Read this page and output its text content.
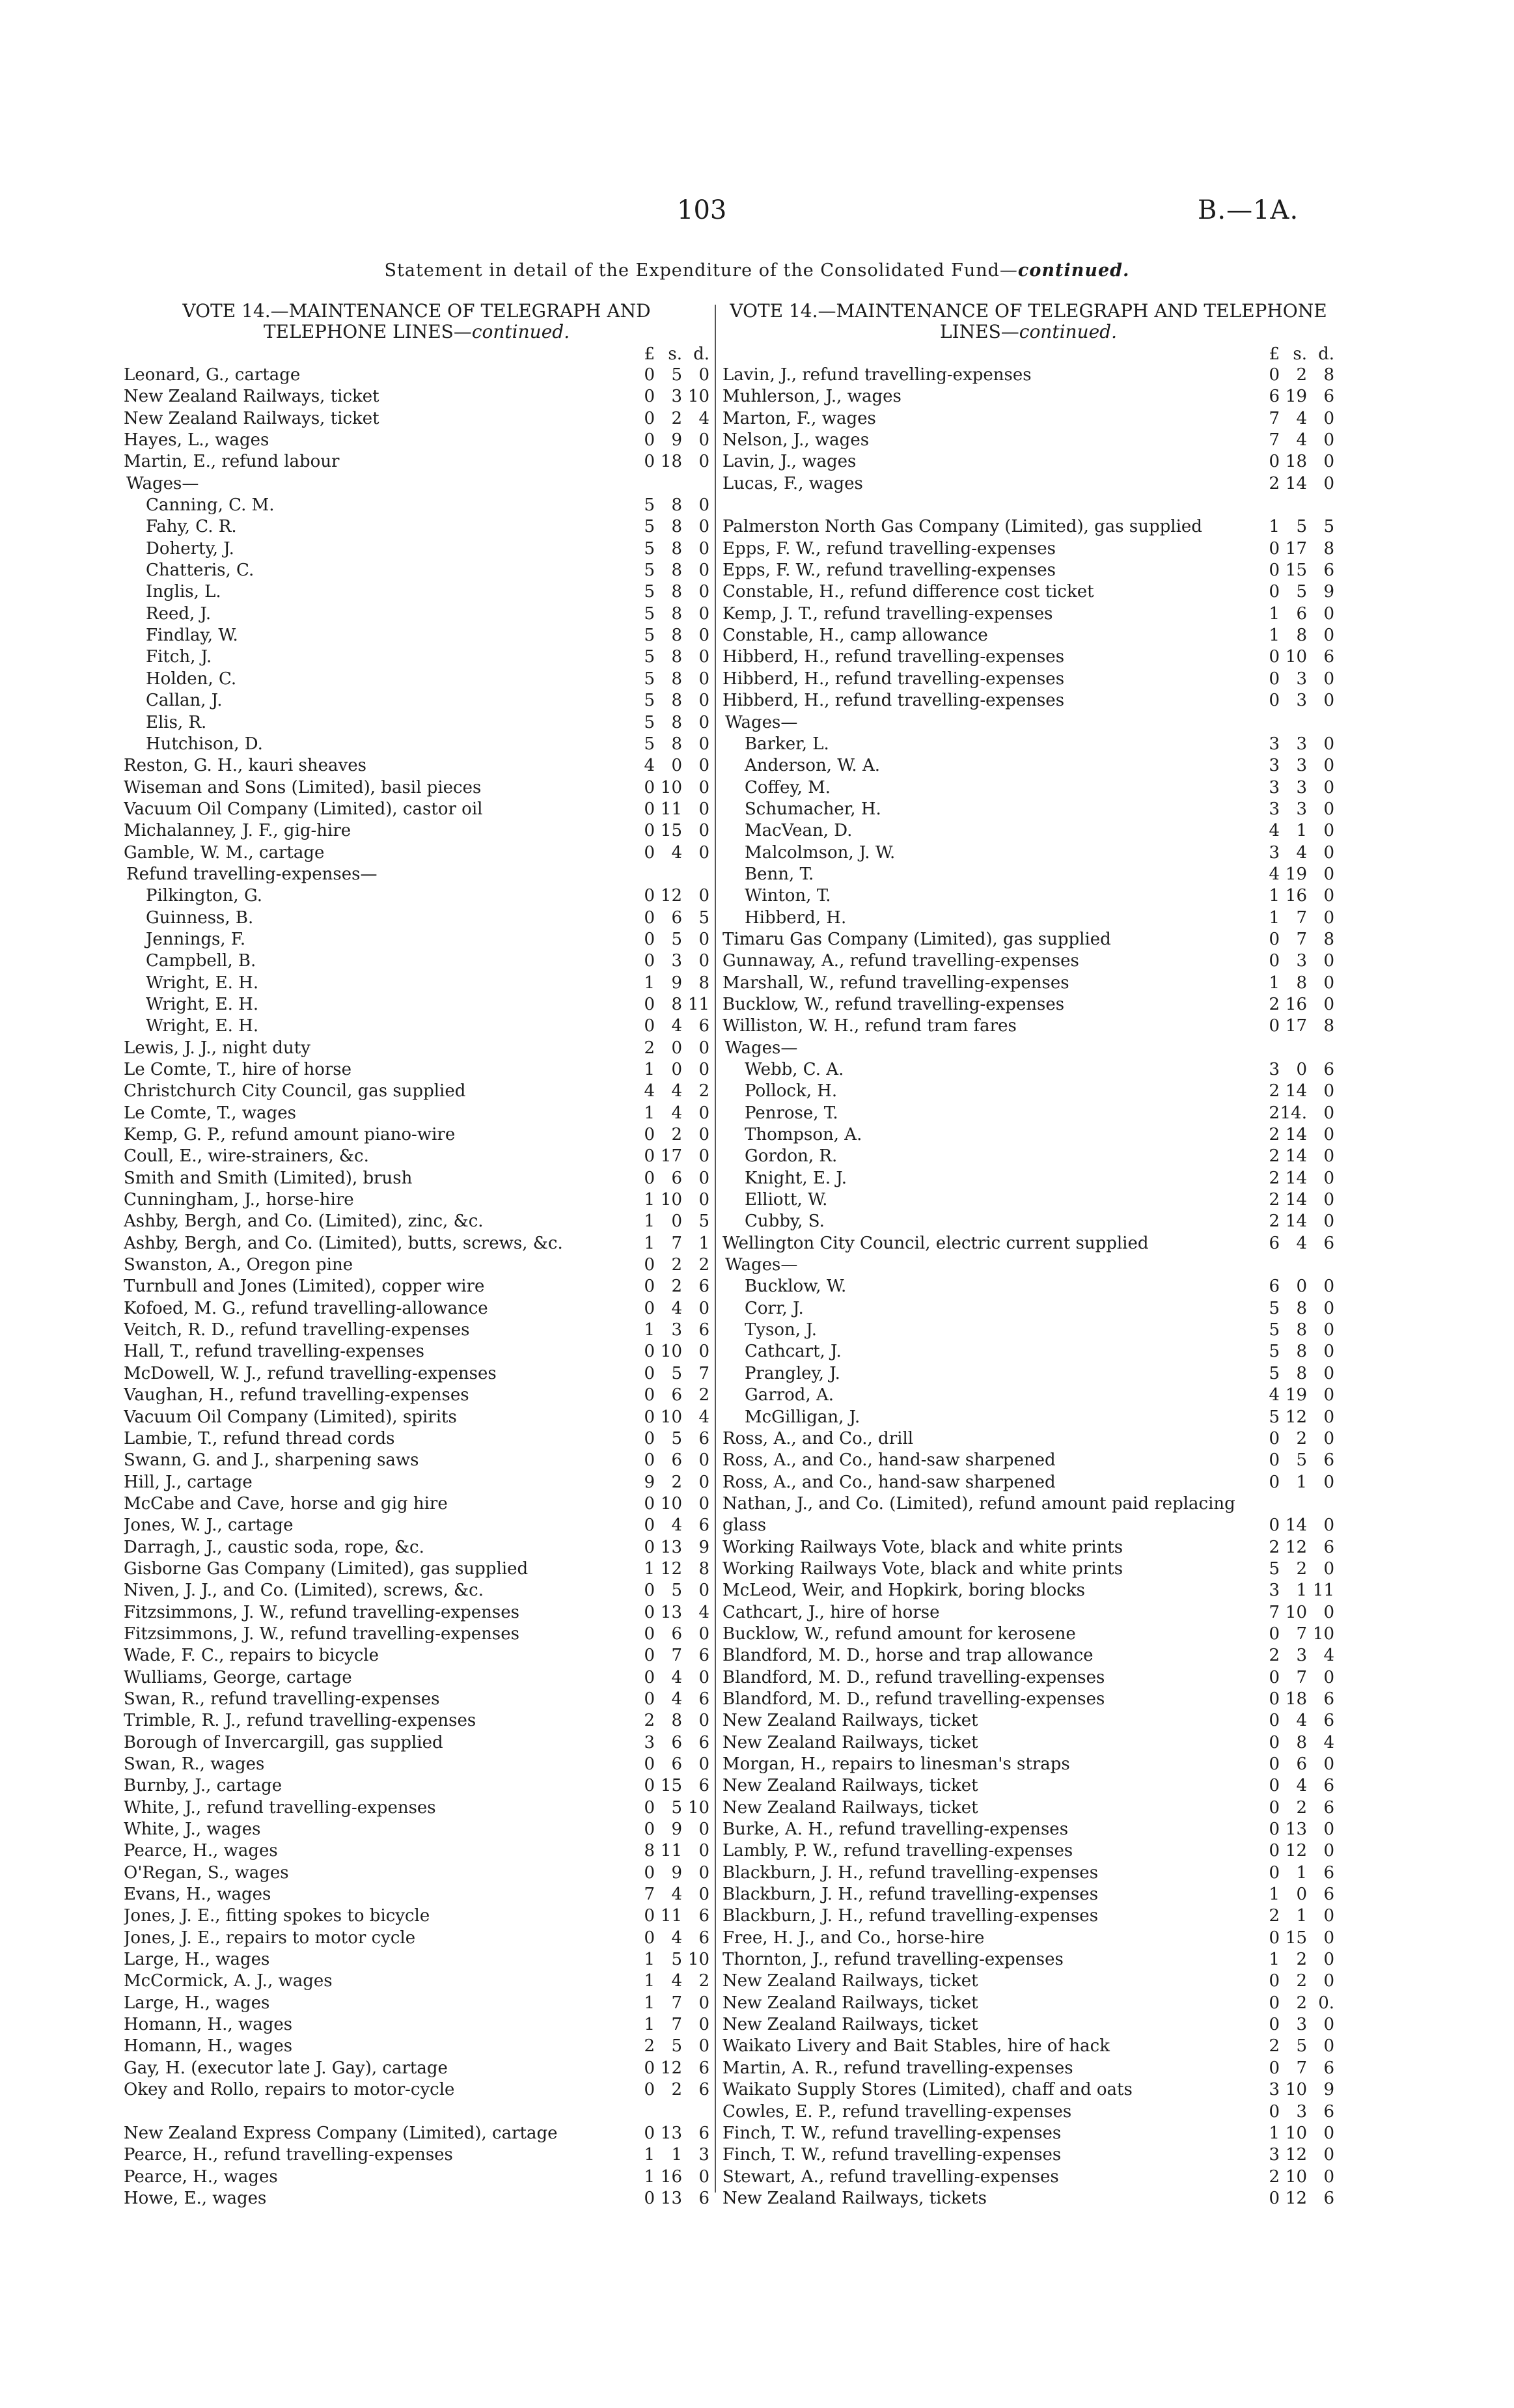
103	B.—1A.
Statement in detail of the Expenditure of the Consolidated Fund—continued.
VOTE 14.—MAINTENANCE OF TELEGRAPH AND TELEPHONE LINES—continued.
£ s. d.
Leonard, G., cartage	0 5 0
New Zealand Railways, ticket	0 3 10
New Zealand Railways, ticket	0 2 4
Hayes, L., wages	0 9 0
Martin, E., refund labour	0 18 0
Wages—
Canning, C. M.	5 8 0
Fahy, C. R.	5 8 0
Doherty, J.	5 8 0
Chatteris, C.	5 8 0
Inglis, L.	5 8 0
Reed, J.	5 8 0
Findlay, W.	5 8 0
Fitch, J.	5 8 0
Holden, C.	5 8 0
Callan, J.	5 8 0
Elis, R.	5 8 0
Hutchison, D.	5 8 0
Reston, G. H., kauri sheaves	4 0 0
Wiseman and Sons (Limited), basil pieces	0 10 0
Vacuum Oil Company (Limited), castor oil	0 11 0
Michalanney, J. F., gig-hire	0 15 0
Gamble, W. M., cartage	0 4 0
Refund travelling-expenses—
Pilkington, G.	0 12 0
Guinness, B.	0 6 5
Jennings, F.	0 5 0
Campbell, B.	0 3 0
Wright, E. H.	1 9 8
Wright, E. H.	0 8 11
Wright, E. H.	0 4 6
Lewis, J. J., night duty	2 0 0
Le Comte, T., hire of horse	1 0 0
Christchurch City Council, gas supplied	4 4 2
Le Comte, T., wages	1 4 0
Kemp, G. P., refund amount piano-wire	0 2 0
Coull, E., wire-strainers, &c.	0 17 0
Smith and Smith (Limited), brush	0 6 0
Cunningham, J., horse-hire	1 10 0
Ashby, Bergh, and Co. (Limited), zinc, &c.	1 0 5
Ashby, Bergh, and Co. (Limited), butts, screws, &c.	1 7 1
Swanston, A., Oregon pine	0 2 2
Turnbull and Jones (Limited), copper wire	0 2 6
Kofoed, M. G., refund travelling-allowance	0 4 0
Veitch, R. D., refund travelling-expenses	1 3 6
Hall, T., refund travelling-expenses	0 10 0
McDowell, W. J., refund travelling-expenses	0 5 7
Vaughan, H., refund travelling-expenses	0 6 2
Vacuum Oil Company (Limited), spirits	0 10 4
Lambie, T., refund thread cords	0 5 6
Swann, G. and J., sharpening saws	0 6 0
Hill, J., cartage	9 2 0
McCabe and Cave, horse and gig hire	0 10 0
Jones, W. J., cartage	0 4 6
Darragh, J., caustic soda, rope, &c.	0 13 9
Gisborne Gas Company (Limited), gas supplied	1 12 8
Niven, J. J., and Co. (Limited), screws, &c.	0 5 0
Fitzsimmons, J. W., refund travelling-expenses	0 13 4
Fitzsimmons, J. W., refund travelling-expenses	0 6 0
Wade, F. C., repairs to bicycle	0 7 6
Wulliams, George, cartage	0 4 0
Swan, R., refund travelling-expenses	0 4 6
Trimble, R. J., refund travelling-expenses	2 8 0
Borough of Invercargill, gas supplied	3 6 6
Swan, R., wages	0 6 0
Burnby, J., cartage	0 15 6
White, J., refund travelling-expenses	0 5 10
White, J., wages	0 9 0
Pearce, H., wages	8 11 0
O'Regan, S., wages	0 9 0
Evans, H., wages	7 4 0
Jones, J. E., fitting spokes to bicycle	0 11 6
Jones, J. E., repairs to motor cycle	0 4 6
Large, H., wages	1 5 10
McCormick, A. J., wages	1 4 2
Large, H., wages	1 7 0
Homann, H., wages	1 7 0
Homann, H., wages	2 5 0
Gay, H. (executor late J. Gay), cartage	0 12 6
Okey and Rollo, repairs to motor-cycle	0 2 6
New Zealand Express Company (Limited), cartage	0 13 6
Pearce, H., refund travelling-expenses	1 1 3
Pearce, H., wages	1 16 0
Howe, E., wages	0 13 6
VOTE 14.—MAINTENANCE OF TELEGRAPH AND TELEPHONE LINES—continued.
£ s. d.
Lavin, J., refund travelling-expenses	0 2 8
Muhlerson, J., wages	6 19 6
Marton, F., wages	7 4 0
Nelson, J., wages	7 4 0
Lavin, J., wages	0 18 0
Lucas, F., wages	2 14 0
Palmerston North Gas Company (Limited), gas supplied	1 5 5
Epps, F. W., refund travelling-expenses	0 17 8
Epps, F. W., refund travelling-expenses	0 15 6
Constable, H., refund difference cost ticket	0 5 9
Kemp, J. T., refund travelling-expenses	1 6 0
Constable, H., camp allowance	1 8 0
Hibberd, H., refund travelling-expenses	0 10 6
Hibberd, H., refund travelling-expenses	0 3 0
Hibberd, H., refund travelling-expenses	0 3 0
Wages—
Barker, L.	3 3 0
Anderson, W. A.	3 3 0
Coffey, M.	3 3 0
Schumacher, H.	3 3 0
MacVean, D.	4 1 0
Malcolmson, J. W.	3 4 0
Benn, T.	4 19 0
Winton, T.	1 16 0
Hibberd, H.	1 7 0
Timaru Gas Company (Limited), gas supplied	0 7 8
Gunnaway, A., refund travelling-expenses	0 3 0
Marshall, W., refund travelling-expenses	1 8 0
Bucklow, W., refund travelling-expenses	2 16 0
Williston, W. H., refund tram fares	0 17 8
Wages—
Webb, C. A.	3 0 6
Pollock, H.	2 14 0
Penrose, T.	2 14. 0
Thompson, A.	2 14 0
Gordon, R.	2 14 0
Knight, E. J.	2 14 0
Elliott, W.	2 14 0
Cubby, S.	2 14 0
Wellington City Council, electric current supplied	6 4 6
Wages—
Bucklow, W.	6 0 0
Corr, J.	5 8 0
Tyson, J.	5 8 0
Cathcart, J.	5 8 0
Prangley, J.	5 8 0
Garrod, A.	4 19 0
McGilligan, J.	5 12 0
Ross, A., and Co., drill	0 2 0
Ross, A., and Co., hand-saw sharpened	0 5 6
Ross, A., and Co., hand-saw sharpened	0 1 0
Nathan, J., and Co. (Limited), refund amount paid replacing glass	0 14 0
Working Railways Vote, black and white prints	2 12 6
Working Railways Vote, black and white prints	5 2 0
McLeod, Weir, and Hopkirk, boring blocks	3 1 11
Cathcart, J., hire of horse	7 10 0
Bucklow, W., refund amount for kerosene	0 7 10
Blandford, M. D., horse and trap allowance	2 3 4
Blandford, M. D., refund travelling-expenses	0 7 0
Blandford, M. D., refund travelling-expenses	0 18 6
New Zealand Railways, ticket	0 4 6
New Zealand Railways, ticket	0 8 4
Morgan, H., repairs to linesman's straps	0 6 0
New Zealand Railways, ticket	0 4 6
New Zealand Railways, ticket	0 2 6
Burke, A. H., refund travelling-expenses	0 13 0
Lambly, P. W., refund travelling-expenses	0 12 0
Blackburn, J. H., refund travelling-expenses	0 1 6
Blackburn, J. H., refund travelling-expenses	1 0 6
Blackburn, J. H., refund travelling-expenses	2 1 0
Free, H. J., and Co., horse-hire	0 15 0
Thornton, J., refund travelling-expenses	1 2 0
New Zealand Railways, ticket	0 2 0
New Zealand Railways, ticket	0 2 0.
New Zealand Railways, ticket	0 3 0
Waikato Livery and Bait Stables, hire of hack	2 5 0
Martin, A. R., refund travelling-expenses	0 7 6
Waikato Supply Stores (Limited), chaff and oats	3 10 9
Cowles, E. P., refund travelling-expenses	0 3 6
Finch, T. W., refund travelling-expenses	1 10 0
Finch, T. W., refund travelling-expenses	3 12 0
Stewart, A., refund travelling-expenses	2 10 0
New Zealand Railways, tickets	0 12 6
